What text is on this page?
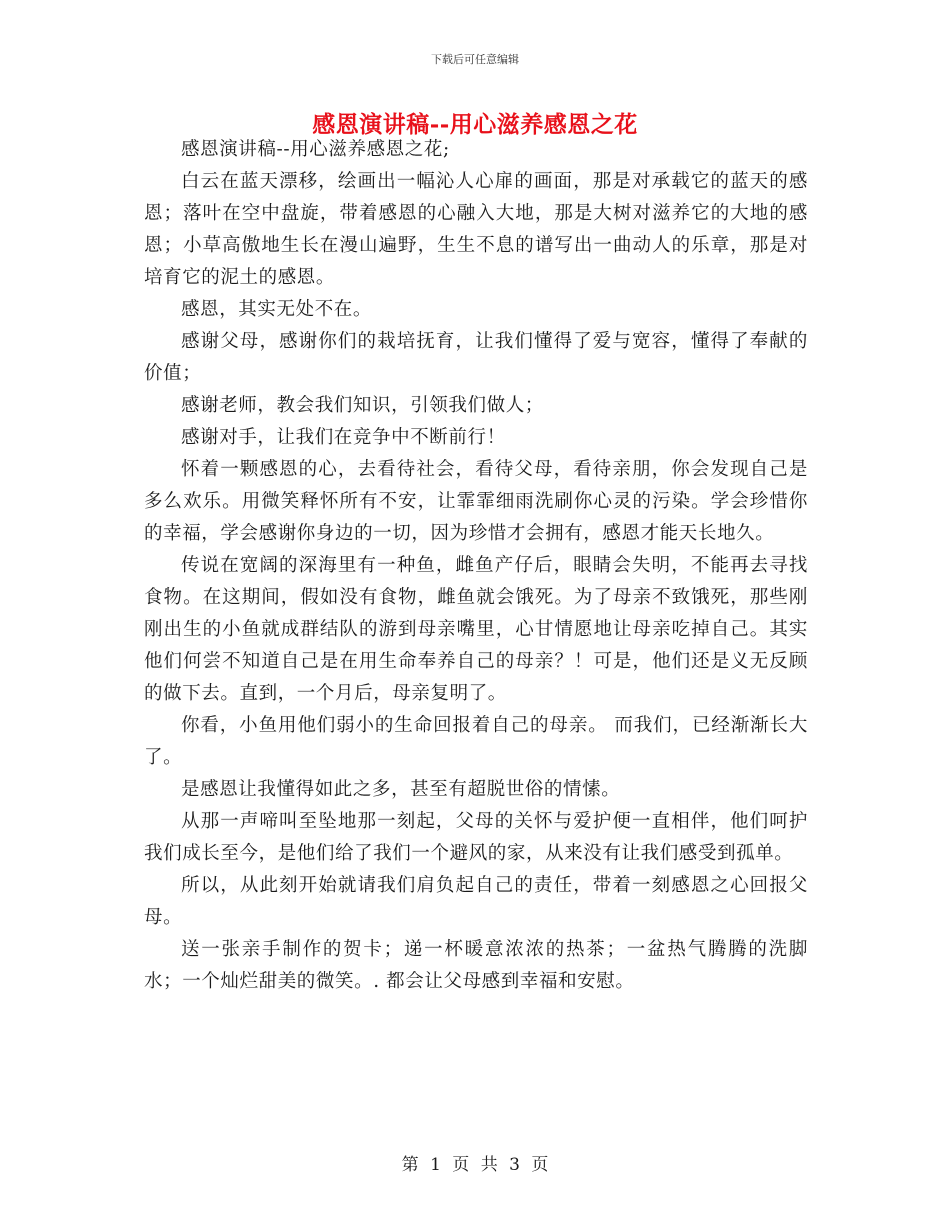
下载后可任意编辑
感恩演讲稿--用心滋养感恩之花

感恩演讲稿--用心滋养感恩之花;

白云在蓝天漂移，绘画出一幅沁人心扉的画面，那是对承载它的蓝天的感恩；落叶在空中盘旋，带着感恩的心融入大地，那是大树对滋养它的大地的感恩；小草高傲地生长在漫山遍野，生生不息的谱写出一曲动人的乐章，那是对培育它的泥土的感恩。

感恩，其实无处不在。

感谢父母，感谢你们的栽培抚育，让我们懂得了爱与宽容，懂得了奉献的价值；

感谢老师，教会我们知识，引领我们做人；

感谢对手，让我们在竞争中不断前行！

怀着一颗感恩的心，去看待社会，看待父母，看待亲朋，你会发现自己是多么欢乐。用微笑释怀所有不安，让霏霏细雨洗刷你心灵的污染。学会珍惜你的幸福，学会感谢你身边的一切，因为珍惜才会拥有，感恩才能天长地久。

传说在宽阔的深海里有一种鱼，雌鱼产仔后，眼睛会失明，不能再去寻找食物。在这期间，假如没有食物，雌鱼就会饿死。为了母亲不致饿死，那些刚刚出生的小鱼就成群结队的游到母亲嘴里，心甘情愿地让母亲吃掉自己。其实他们何尝不知道自己是在用生命奉养自己的母亲？！可是，他们还是义无反顾的做下去。直到，一个月后，母亲复明了。

你看，小鱼用他们弱小的生命回报着自己的母亲。 而我们，已经渐渐长大了。

是感恩让我懂得如此之多，甚至有超脱世俗的情愫。

从那一声啼叫至坠地那一刻起，父母的关怀与爱护便一直相伴，他们呵护我们成长至今，是他们给了我们一个避风的家，从来没有让我们感受到孤单。

所以，从此刻开始就请我们肩负起自己的责任，带着一刻感恩之心回报父母。

送一张亲手制作的贺卡；递一杯暖意浓浓的热茶；一盆热气腾腾的洗脚水；一个灿烂甜美的微笑。. 都会让父母感到幸福和安慰。

第 1 页 共 3 页
